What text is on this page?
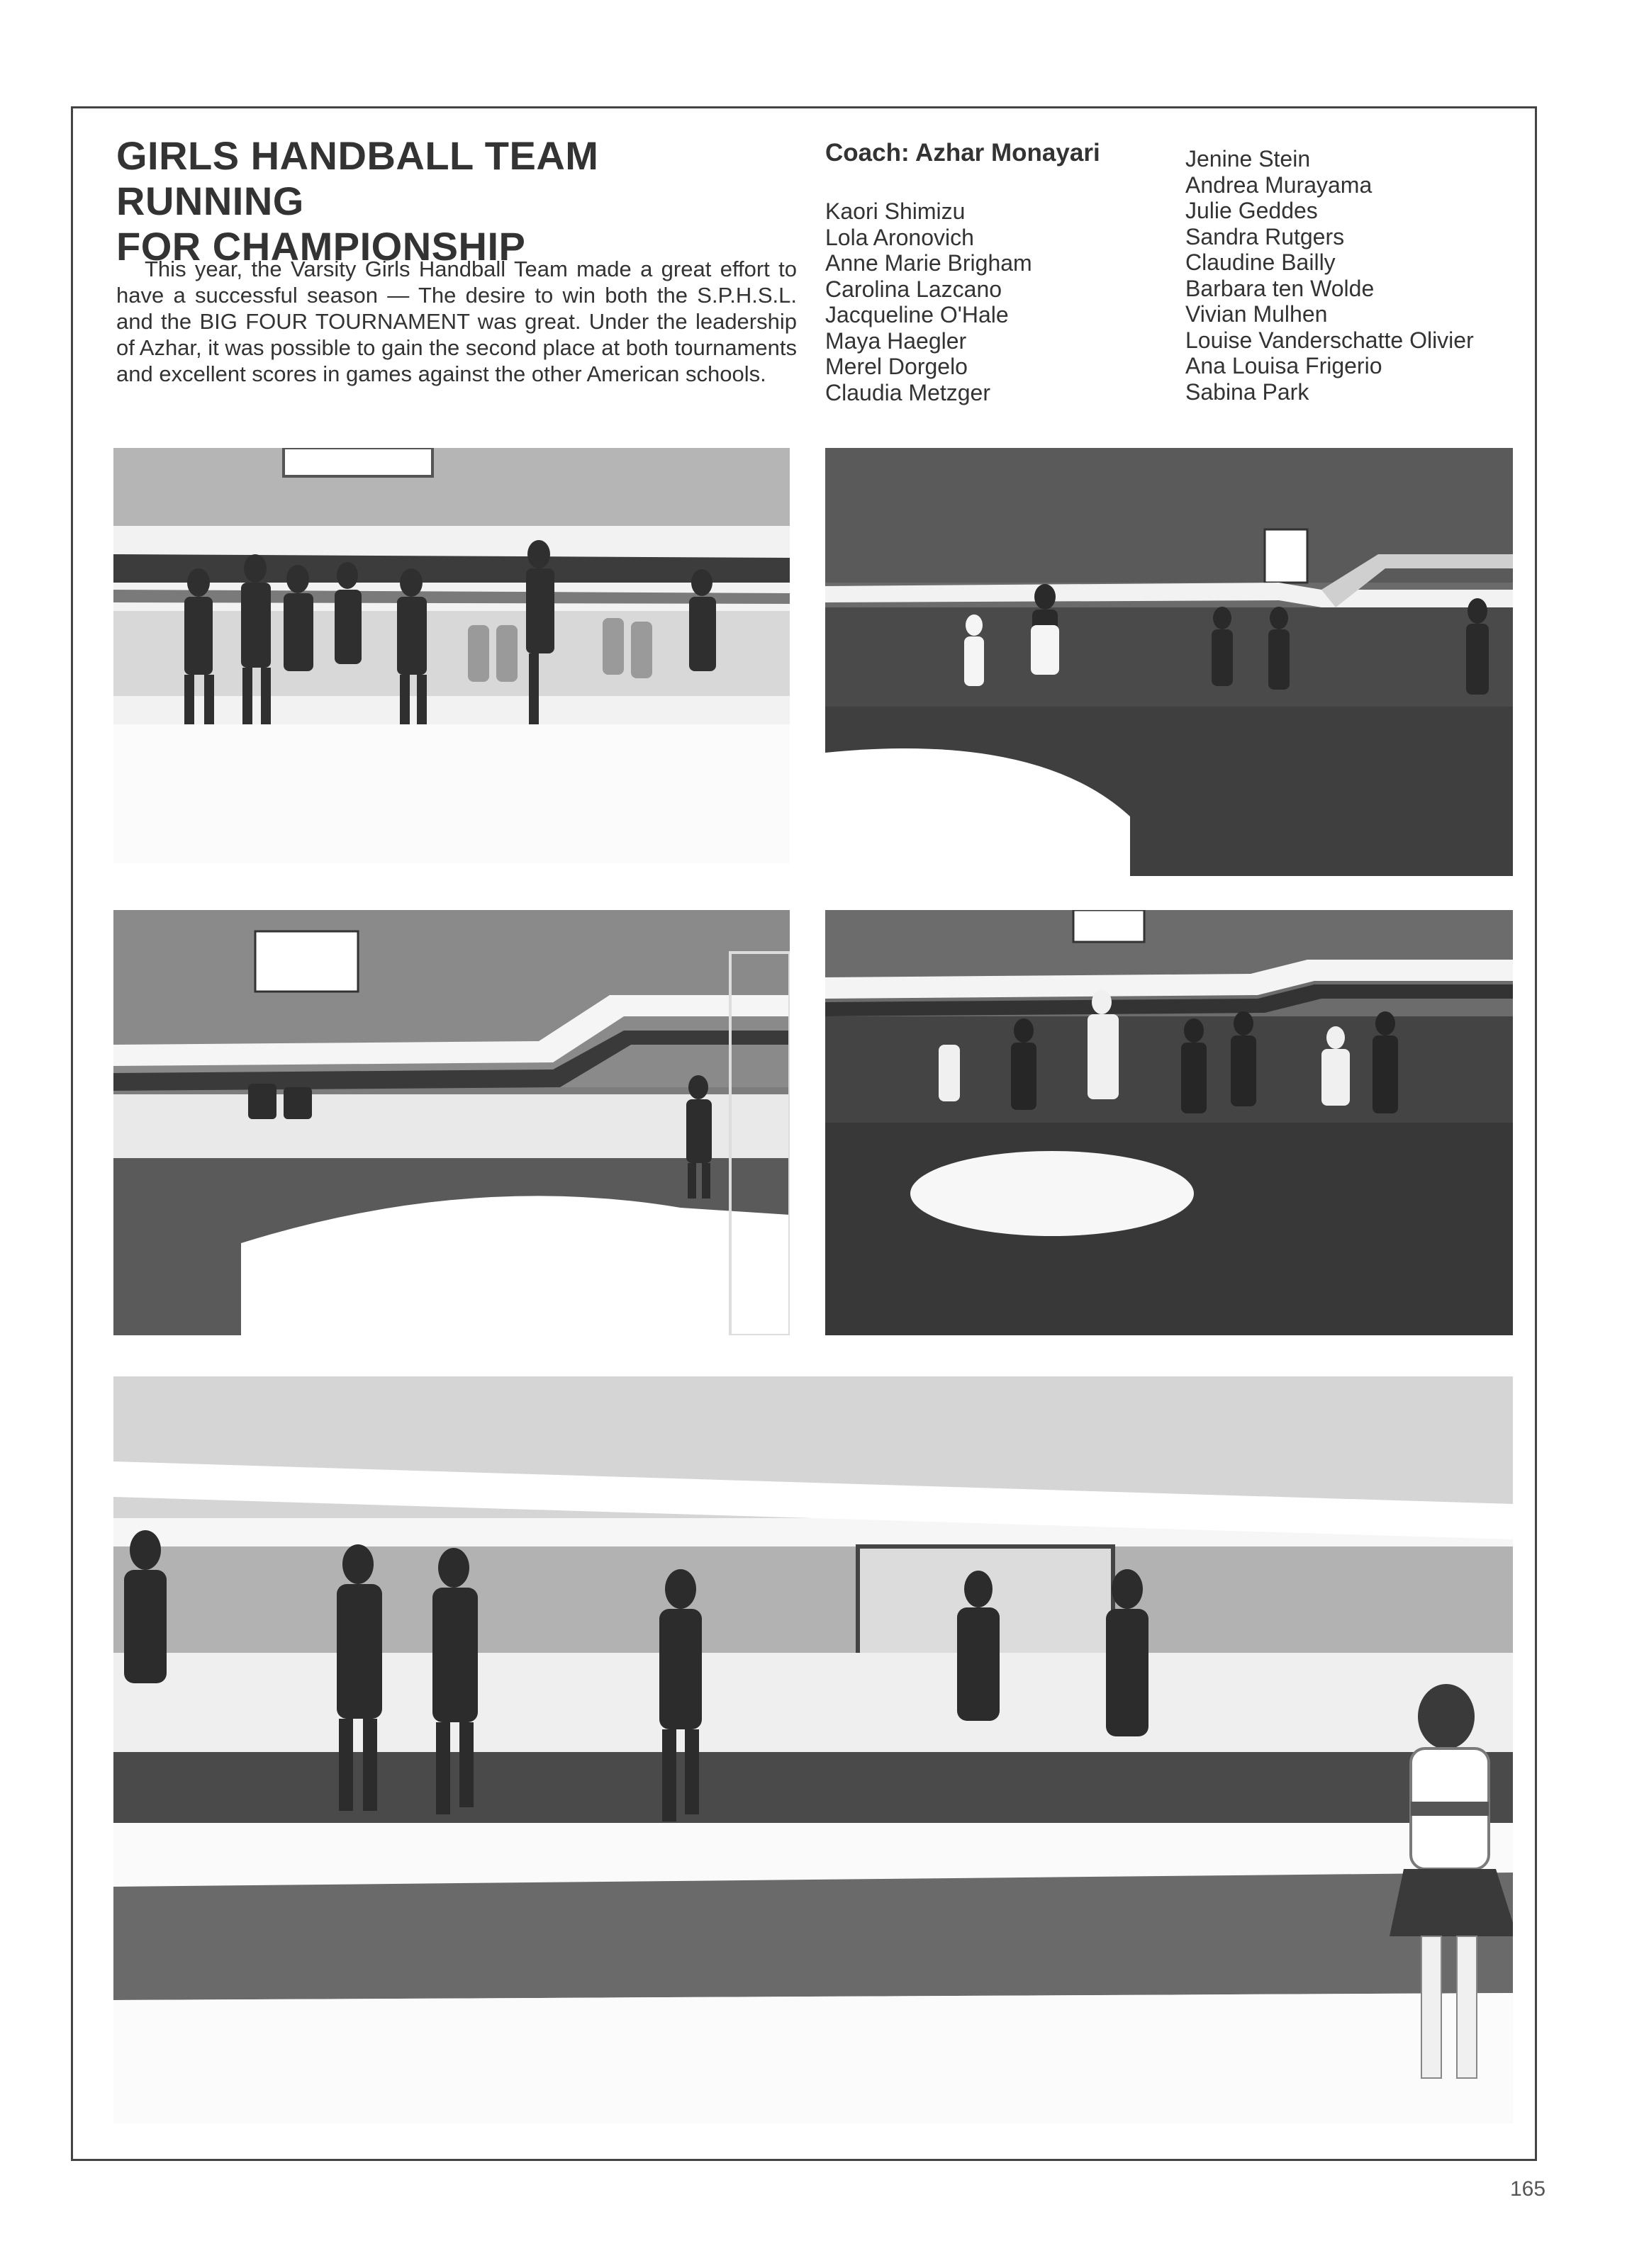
GIRLS HANDBALL TEAM RUNNING
FOR CHAMPIONSHIP

This year, the Varsity Girls Handball Team made a great effort to have a successful season — The desire to win both the S.P.H.S.L. and the BIG FOUR TOURNAMENT was great. Under the leadership of Azhar, it was possible to gain the second place at both tournaments and excellent scores in games against the other American schools.

Coach: Azhar Monayari
Kaori Shimizu
Lola Aronovich
Anne Marie Brigham
Carolina Lazcano
Jacqueline O'Hale
Maya Haegler
Merel Dorgelo
Claudia Metzger
Jenine Stein
Andrea Murayama
Julie Geddes
Sandra Rutgers
Claudine Bailly
Barbara ten Wolde
Vivian Mulhen
Louise Vanderschatte Olivier
Ana Louisa Frigerio
Sabina Park
165
